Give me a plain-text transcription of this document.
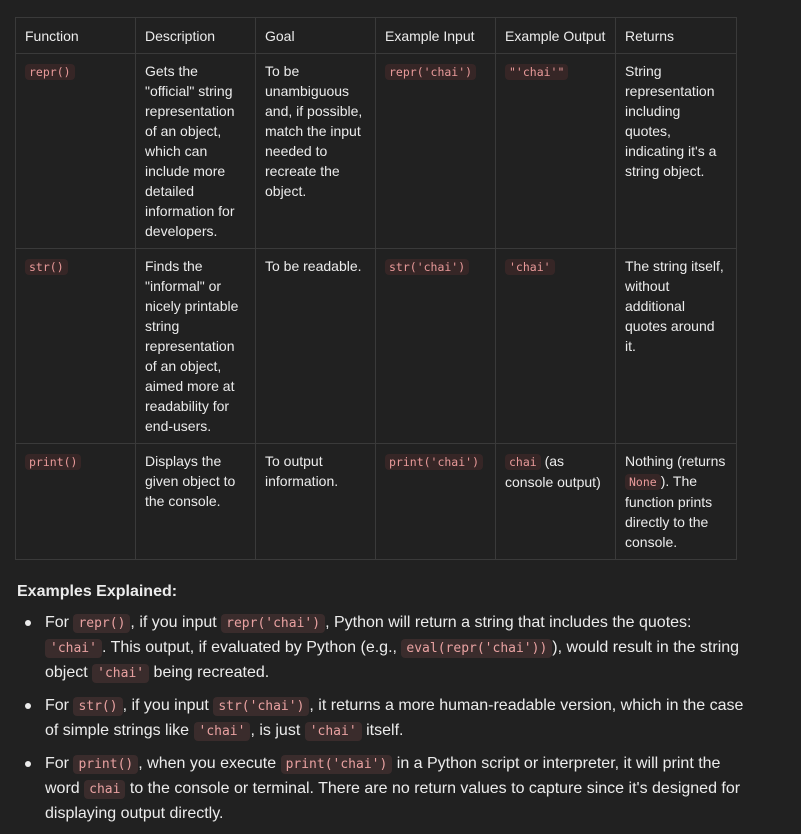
Function	Description	Goal	Example Input	Example Output	Returns
repr()	Gets the "official" string representation of an object, which can include more detailed information for developers.	To be unambiguous and, if possible, match the input needed to recreate the object.	repr('chai')	"'chai'"	String representation including quotes, indicating it's a string object.
str()	Finds the "informal" or nicely printable string representation of an object, aimed more at readability for end-users.	To be readable.	str('chai')	'chai'	The string itself, without additional quotes around it.
print()	Displays the given object to the console.	To output information.	print('chai')	chai (as console output)	Nothing (returns None ). The function prints directly to the console.
Examples Explained:
For repr() , if you input repr('chai') , Python will return a string that includes the quotes: 'chai' . This output, if evaluated by Python (e.g., eval(repr('chai')) ), would result in the string object 'chai' being recreated.
For str() , if you input str('chai') , it returns a more human-readable version, which in the case of simple strings like 'chai' , is just 'chai' itself.
For print() , when you execute print('chai') in a Python script or interpreter, it will print the word chai to the console or terminal. There are no return values to capture since it's designed for displaying output directly.
